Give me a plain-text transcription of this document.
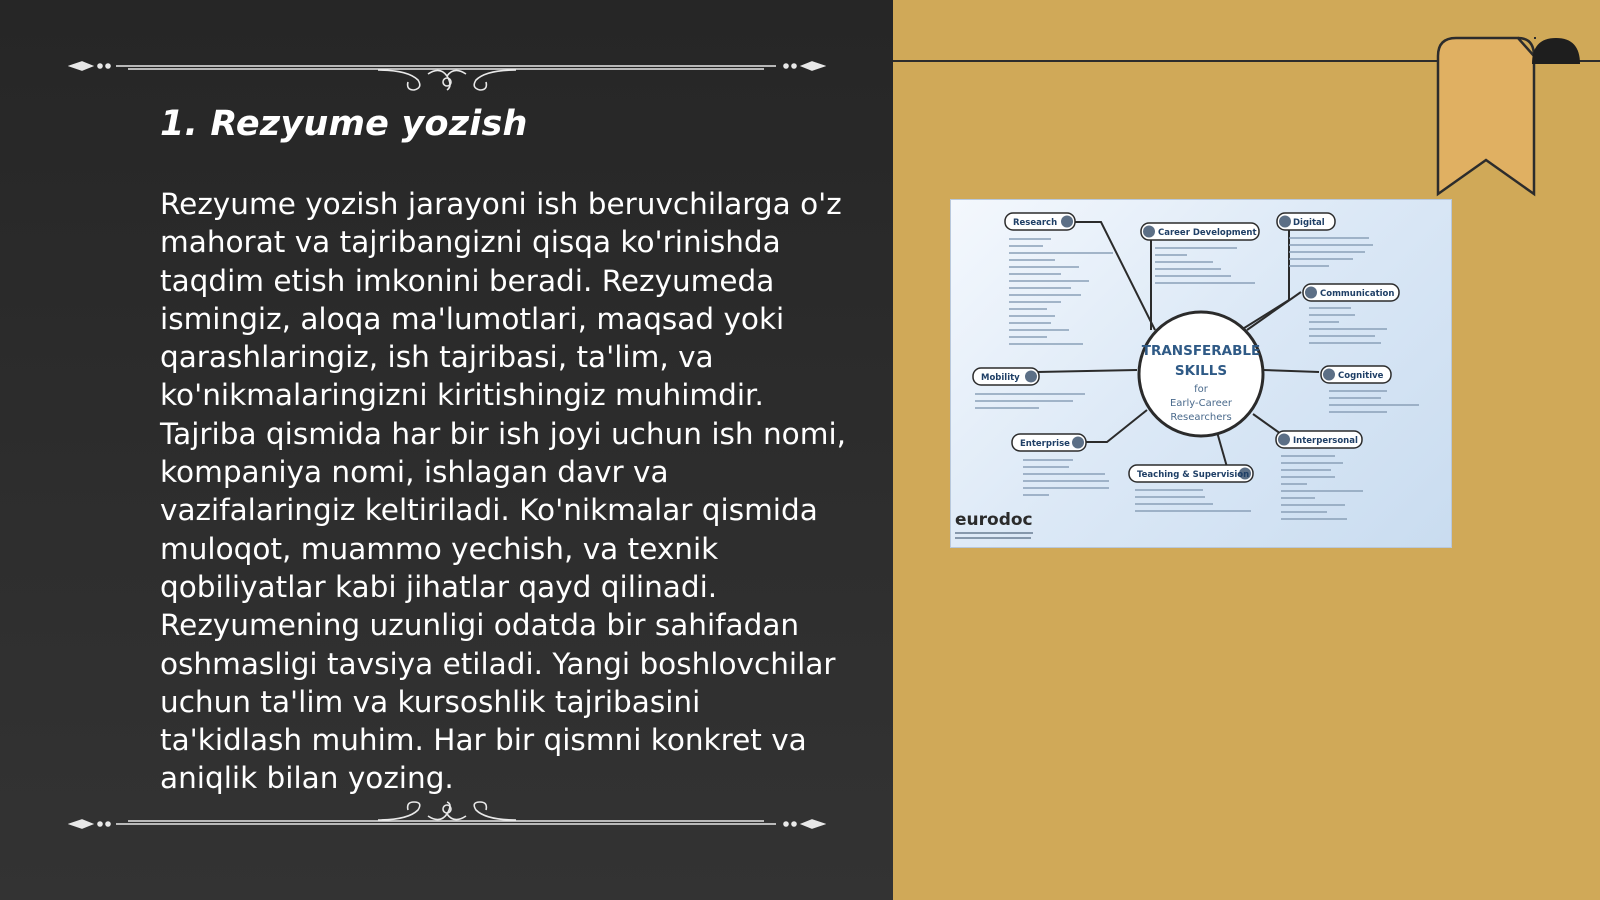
1. Rezyume yozish

Rezyume yozish jarayoni ish beruvchilarga o'z mahorat va tajribangizni qisqa ko'rinishda taqdim etish imkonini beradi. Rezyumeda ismingiz, aloqa ma'lumotlari, maqsad yoki qarashlaringiz, ish tajribasi, ta'lim, va ko'nikmalaringizni kiritishingiz muhimdir. Tajriba qismida har bir ish joyi uchun ish nomi, kompaniya nomi, ishlagan davr va vazifalaringiz keltiriladi. Ko'nikmalar qismida muloqot, muammo yechish, va texnik qobiliyatlar kabi jihatlar qayd qilinadi. Rezyumening uzunligi odatda bir sahifadan oshmasligi tavsiya etiladi. Yangi boshlovchilar uchun ta'lim va kursoshlik tajribasini ta'kidlash muhim. Har bir qismni konkret va aniqlik bilan yozing.

TRANSFERABLE
SKILLS
for
Early-Career
Researchers
Research
Career Development
Digital
Communication
Cognitive
Interpersonal
Teaching & Supervision
Enterprise
Mobility
eurodoc
